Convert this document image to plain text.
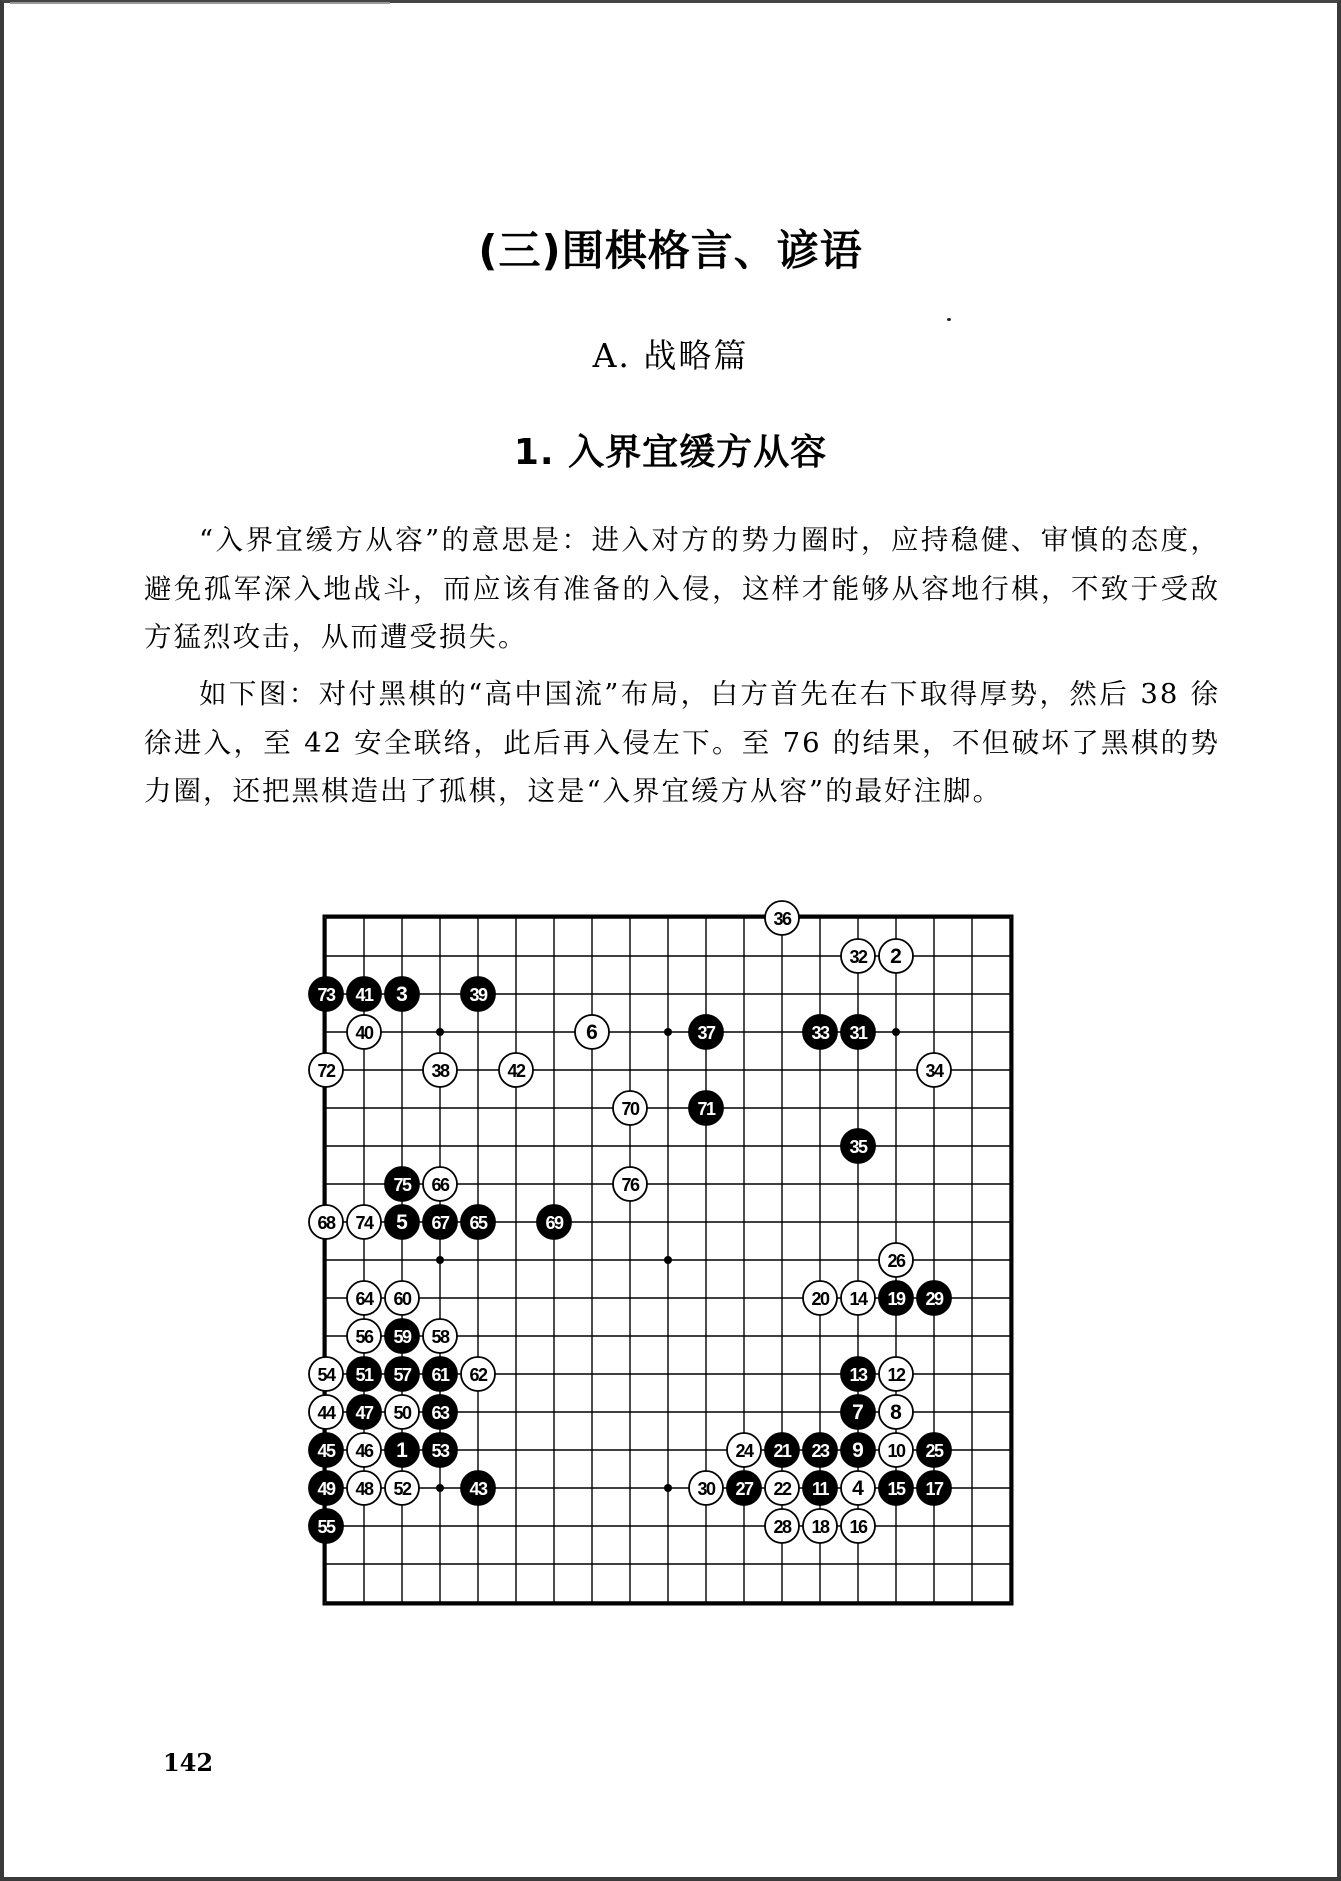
(三)围棋格言、谚语
A. 战略篇
1. 入界宜缓方从容

“入界宜缓方从容”的意思是：进入对方的势力圈时，应持稳健、审慎的态度，避免孤军深入地战斗，而应该有准备的入侵，这样才能够从容地行棋，不致于受敌方猛烈攻击，从而遭受损失。

如下图：对付黑棋的“高中国流”布局，白方首先在右下取得厚势，然后 38 徐徐进入，至 42 安全联络，此后再入侵左下。至 76 的结果，不但破坏了黑棋的势力圈，还把黑棋造出了孤棋，这是“入界宜缓方从容”的最好注脚。

36
32 2
40	6
72	38	42	34
70
66	76
68 74
26
64 60	20 14
56	58
54	62	12
44	50	8
46	24	10
48 52	30	22	4
28 18 16
73 41 3	39
37	33 31
71
35
75
5 67 65	69
19 29
59
51 57 61	13
47	63	7
45	1 53	21 23 9	25
49	43	27	11	15 17
55
142
